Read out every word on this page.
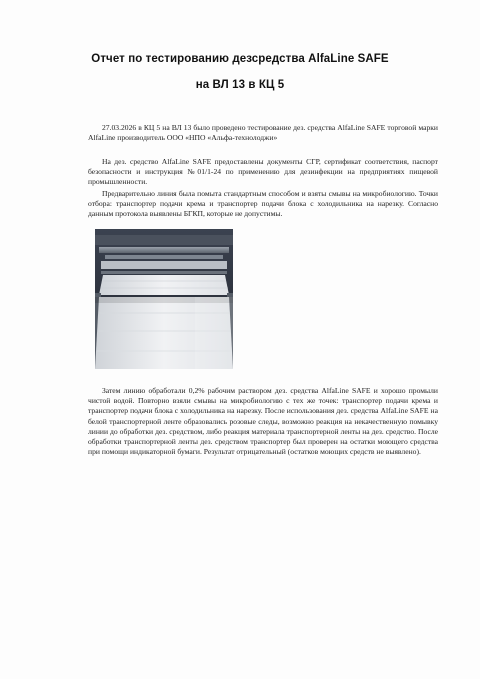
Отчет по тестированию дезсредства AlfaLine SAFE
на ВЛ 13 в КЦ 5
27.03.2026 в КЦ 5 на ВЛ 13 было проведено тестирование дез. средства AlfaLine SAFE торговой марки AlfaLine производитель ООО «НПО «Альфа-технолоджи»
На дез. средство AlfaLine SAFE предоставлены документы СГР, сертификат соответствия, паспорт безопасности и инструкция №01/1-24 по применению для дезинфекции на предприятиях пищевой промышленности.
Предварительно линия была помыта стандартным способом и взяты смывы на микробиологию. Точки отбора: транспортер подачи крема и транспортер подачи блока с холодильника на нарезку. Согласно данным протокола выявлены БГКП, которые не допустимы.
Затем линию обработали 0,2% рабочим раствором дез. средства AlfaLine SAFE и хорошо промыли чистой водой. Повторно взяли смывы на микробиологию с тех же точек: транспортер подачи крема и транспортер подачи блока с холодильника на нарезку. После использования дез. средства AlfaLine SAFE на белой транспортерной ленте образовались розовые следы, возможно реакция на некачественную помывку линии до обработки дез. средством, либо реакция материала транспортерной ленты на дез. средство. После обработки транспортерной ленты дез. средством транспортер был проверен на остатки моющего средства при помощи индикаторной бумаги. Результат отрицательный (остатков моющих средств не выявлено).
